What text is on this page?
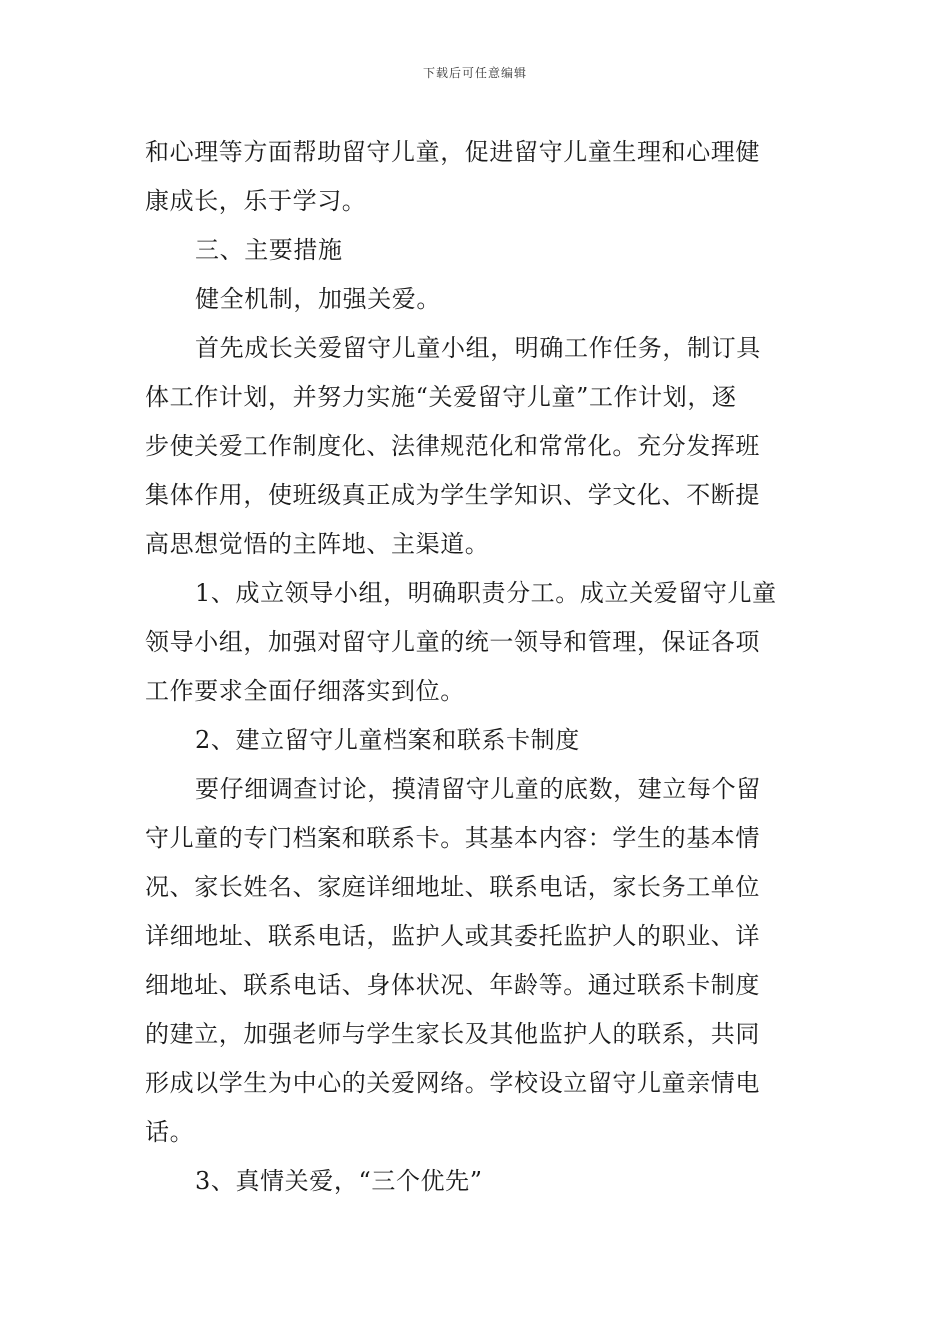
下载后可任意编辑
和心理等方面帮助留守儿童，促进留守儿童生理和心理健
康成长，乐于学习。
三、主要措施
健全机制，加强关爱。
首先成长关爱留守儿童小组，明确工作任务，制订具
体工作计划，并努力实施“关爱留守儿童”工作计划，逐
步使关爱工作制度化、法律规范化和常常化。充分发挥班
集体作用，使班级真正成为学生学知识、学文化、不断提
高思想觉悟的主阵地、主渠道。
1、成立领导小组，明确职责分工。成立关爱留守儿童
领导小组，加强对留守儿童的统一领导和管理，保证各项
工作要求全面仔细落实到位。
2、建立留守儿童档案和联系卡制度
要仔细调查讨论，摸清留守儿童的底数，建立每个留
守儿童的专门档案和联系卡。其基本内容：学生的基本情
况、家长姓名、家庭详细地址、联系电话，家长务工单位
详细地址、联系电话，监护人或其委托监护人的职业、详
细地址、联系电话、身体状况、年龄等。通过联系卡制度
的建立，加强老师与学生家长及其他监护人的联系，共同
形成以学生为中心的关爱网络。学校设立留守儿童亲情电
话。
3、真情关爱，“三个优先”
